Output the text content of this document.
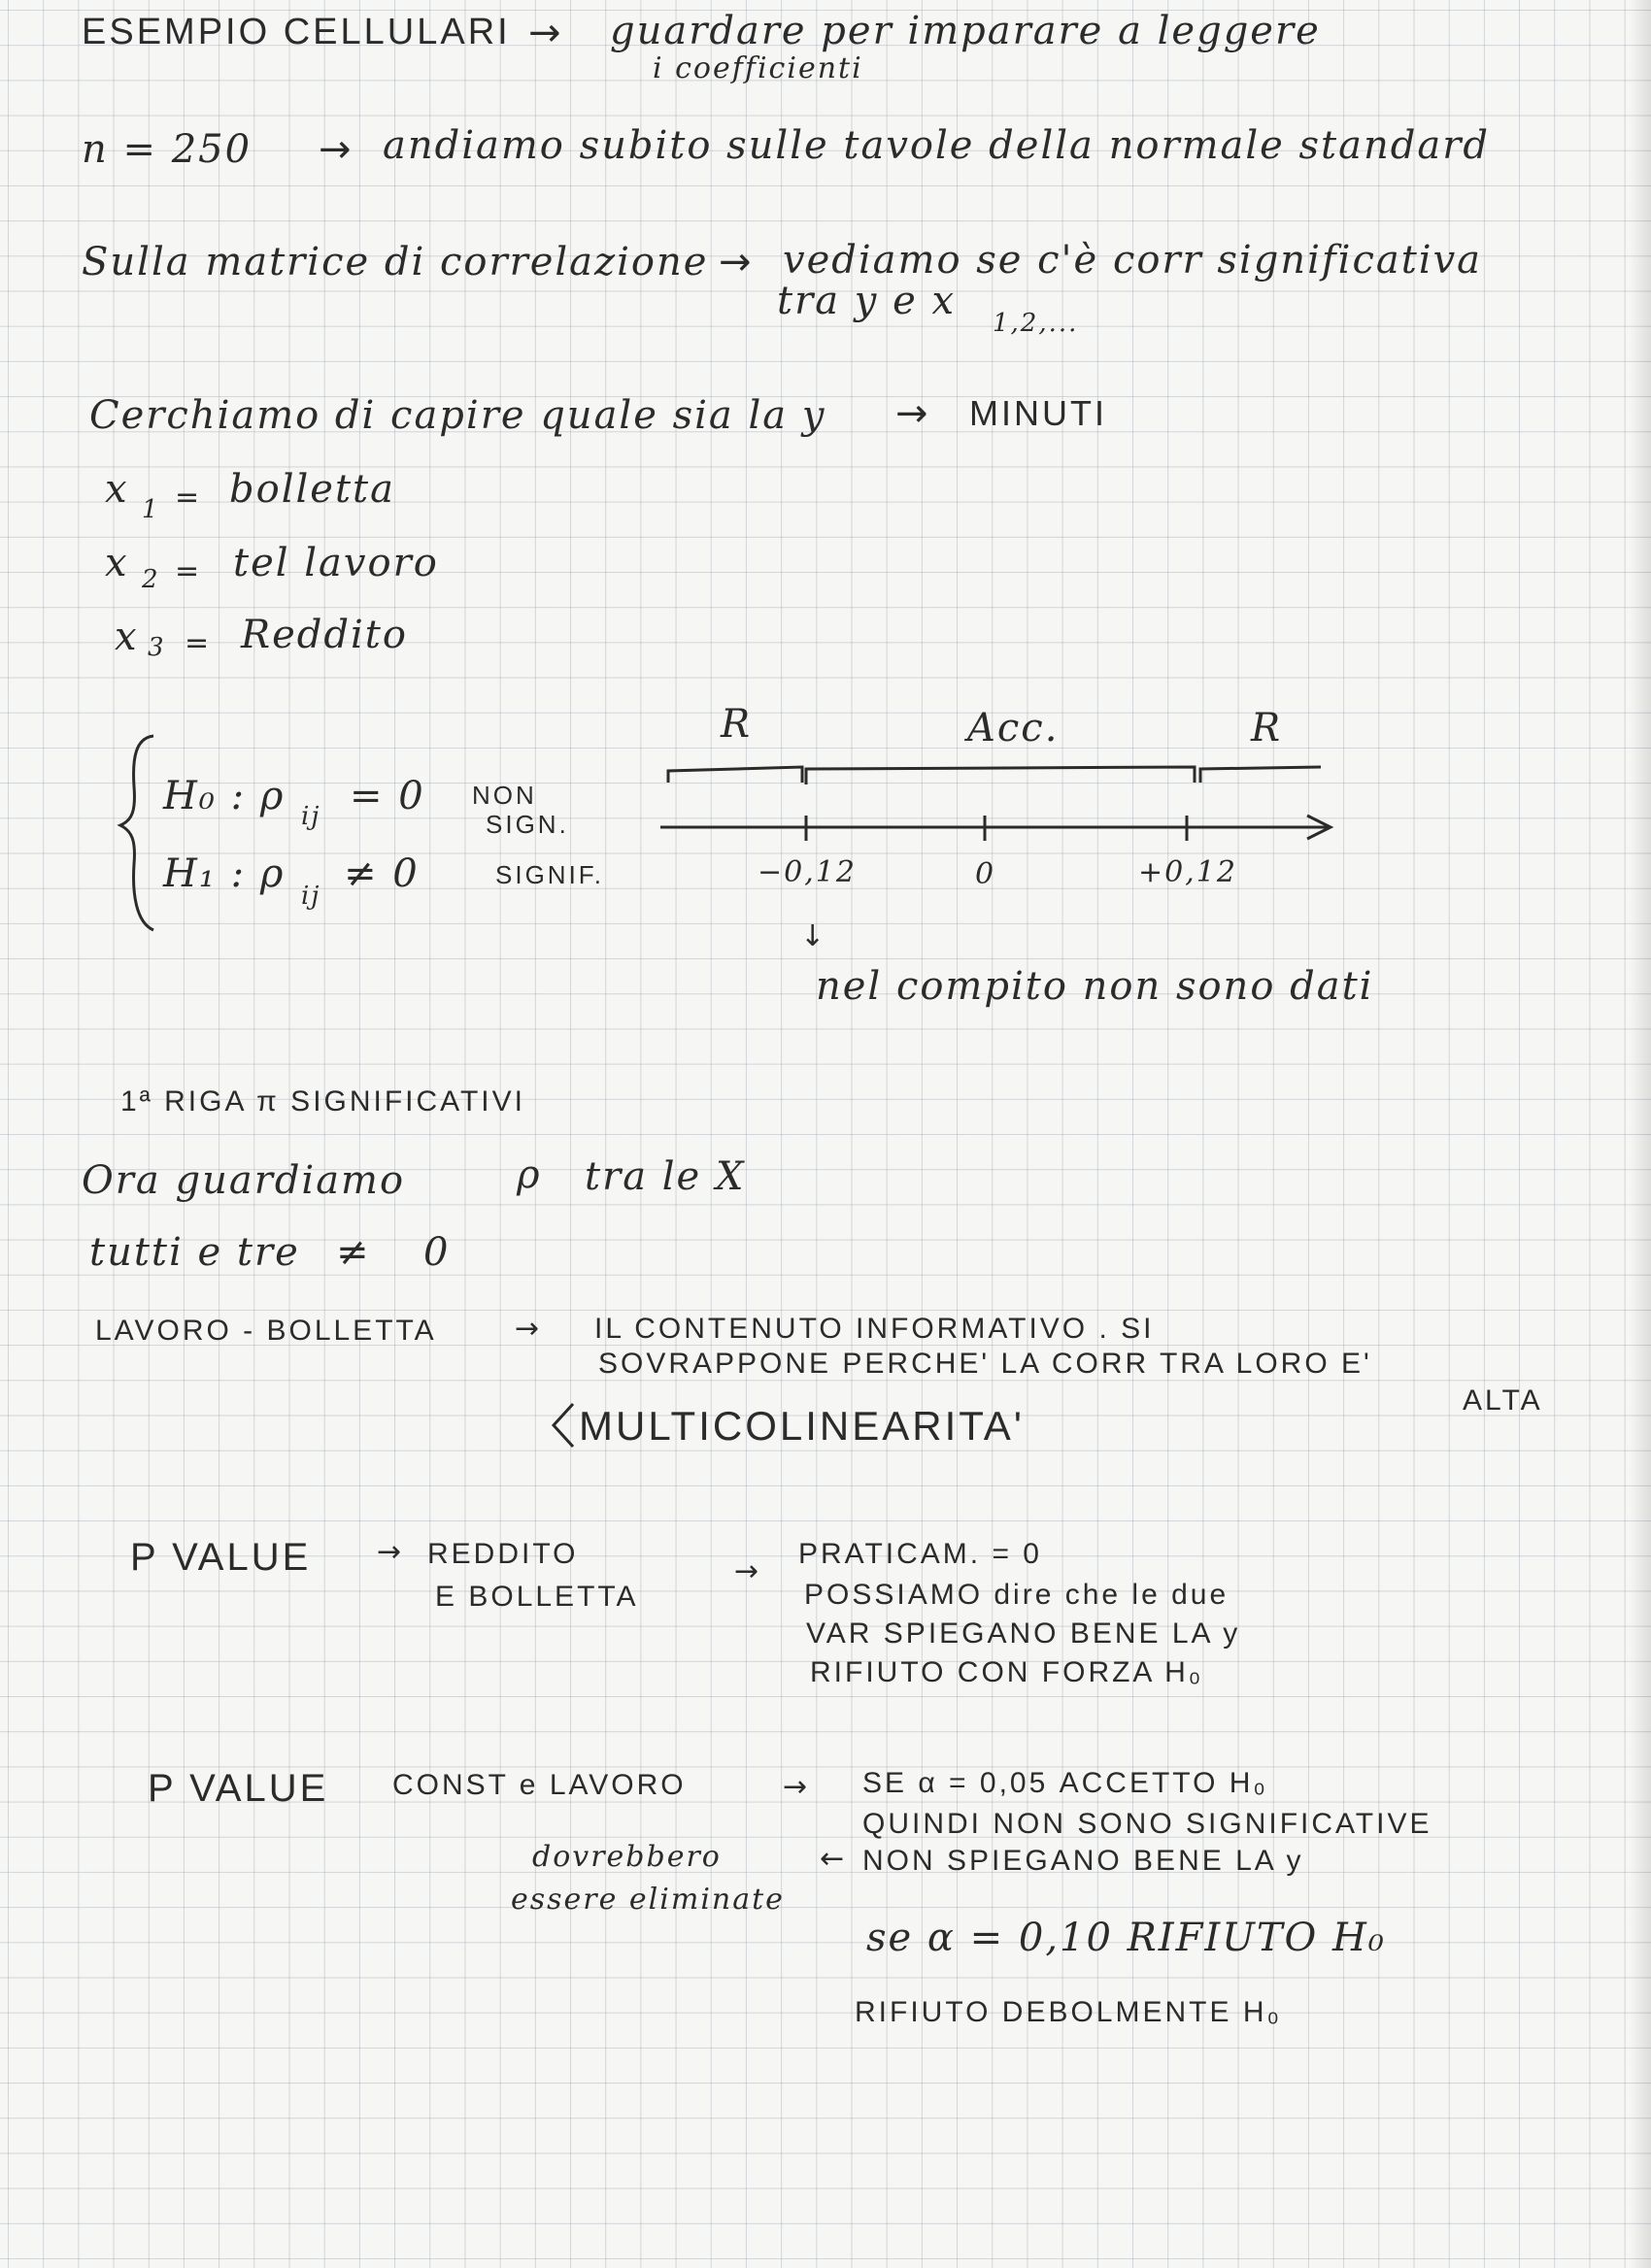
ESEMPIO CELLULARI → guardare per imparare a leggere
i coefficienti
n = 250 → andiamo subito sulle tavole della normale standard
Sulla matrice di correlazione → vediamo se c'è corr significativa
tra y e x 1,2,...
Cerchiamo di capire quale sia la y → MINUTI
x 1 = bolletta
x 2 = tel lavoro
x 3 = Reddito
H₀ : ρ ij = 0 NON
SIGN.
H₁ : ρ ij ≠ 0	SIGNIF.
R	Acc.	R
−0,12	0	+0,12
↓
nel compito non sono dati
1ª RIGA π SIGNIFICATIVI
Ora guardiamo	ρ tra le X
tutti e tre ≠ 0
LAVORO - BOLLETTA	→ IL CONTENUTO INFORMATIVO . SI
SOVRAPPONE PERCHE' LA CORR TRA LORO E'
ALTA
MULTICOLINEARITA'
P VALUE → REDDITO
E BOLLETTA
→
PRATICAM. = 0
POSSIAMO dire che le due
VAR SPIEGANO BENE LA y
RIFIUTO CON FORZA H₀
P VALUE CONST e LAVORO	→ SE α = 0,05 ACCETTO H₀
QUINDI NON SONO SIGNIFICATIVE
dovrebbero
essere eliminate
← NON SPIEGANO BENE LA y
se α = 0,10 RIFIUTO H₀
RIFIUTO DEBOLMENTE H₀
